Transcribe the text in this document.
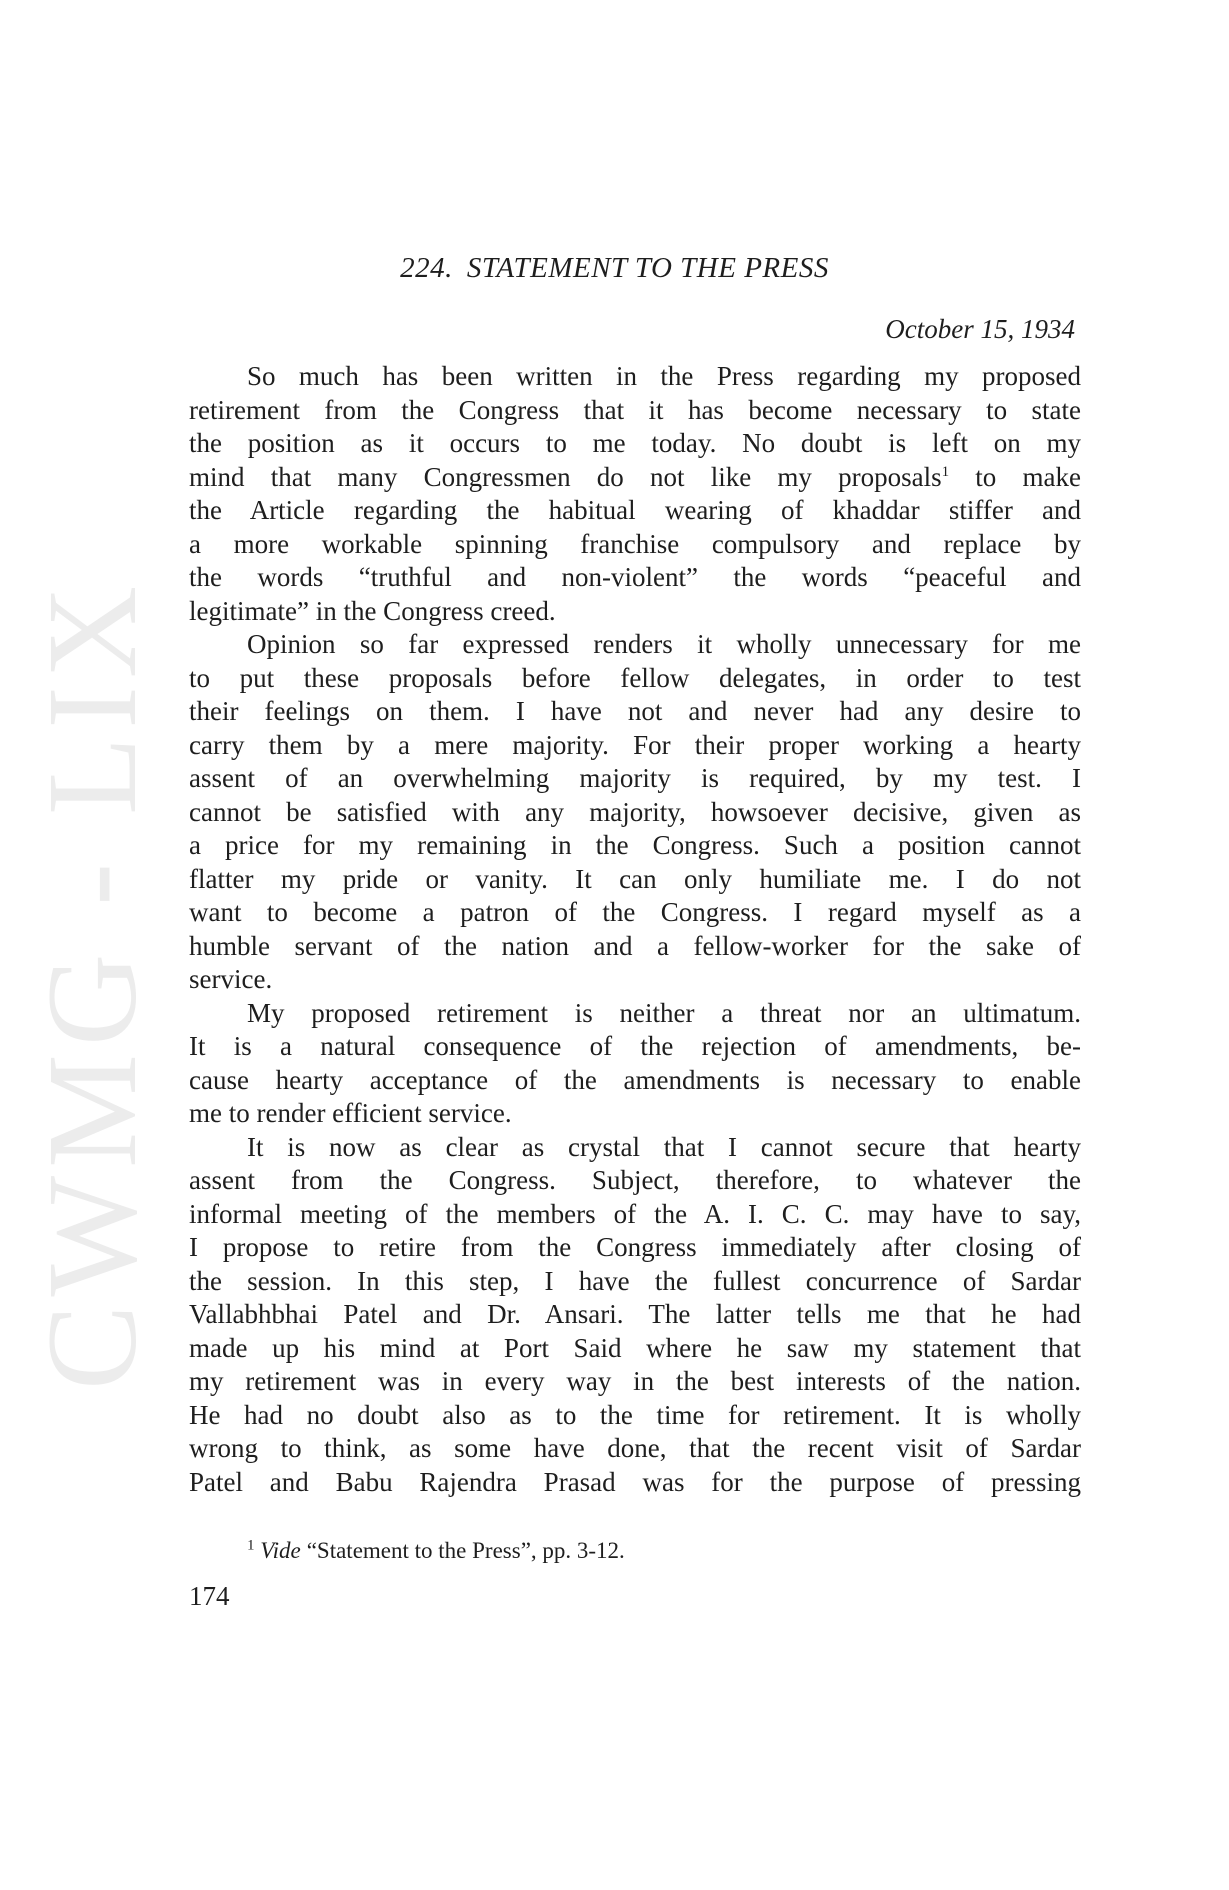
CWMG - LIX
224. STATEMENT TO THE PRESS
October 15, 1934
So much has been written in the Press regarding my proposed
retirement from the Congress that it has become necessary to state
the position as it occurs to me today. No doubt is left on my
mind that many Congressmen do not like my proposals$^1$ to make
the Article regarding the habitual wearing of khaddar stiffer and
a more workable spinning franchise compulsory and replace by
the words “truthful and non-violent” the words “peaceful and
legitimate” in the Congress creed.
Opinion so far expressed renders it wholly unnecessary for me
to put these proposals before fellow delegates, in order to test
their feelings on them. I have not and never had any desire to
carry them by a mere majority. For their proper working a hearty
assent of an overwhelming majority is required, by my test. I
cannot be satisfied with any majority, howsoever decisive, given as
a price for my remaining in the Congress. Such a position cannot
flatter my pride or vanity. It can only humiliate me. I do not
want to become a patron of the Congress. I regard myself as a
humble servant of the nation and a fellow-worker for the sake of
service.
My proposed retirement is neither a threat nor an ultimatum.
It is a natural consequence of the rejection of amendments, be-
cause hearty acceptance of the amendments is necessary to enable
me to render efficient service.
It is now as clear as crystal that I cannot secure that hearty
assent from the Congress. Subject, therefore, to whatever the
informal meeting of the members of the A. I. C. C. may have to say,
I propose to retire from the Congress immediately after closing of
the session. In this step, I have the fullest concurrence of Sardar
Vallabhbhai Patel and Dr. Ansari. The latter tells me that he had
made up his mind at Port Said where he saw my statement that
my retirement was in every way in the best interests of the nation.
He had no doubt also as to the time for retirement. It is wholly
wrong to think, as some have done, that the recent visit of Sardar
Patel and Babu Rajendra Prasad was for the purpose of pressing
$^1$ Vide “Statement to the Press”, pp. 3-12.
174
